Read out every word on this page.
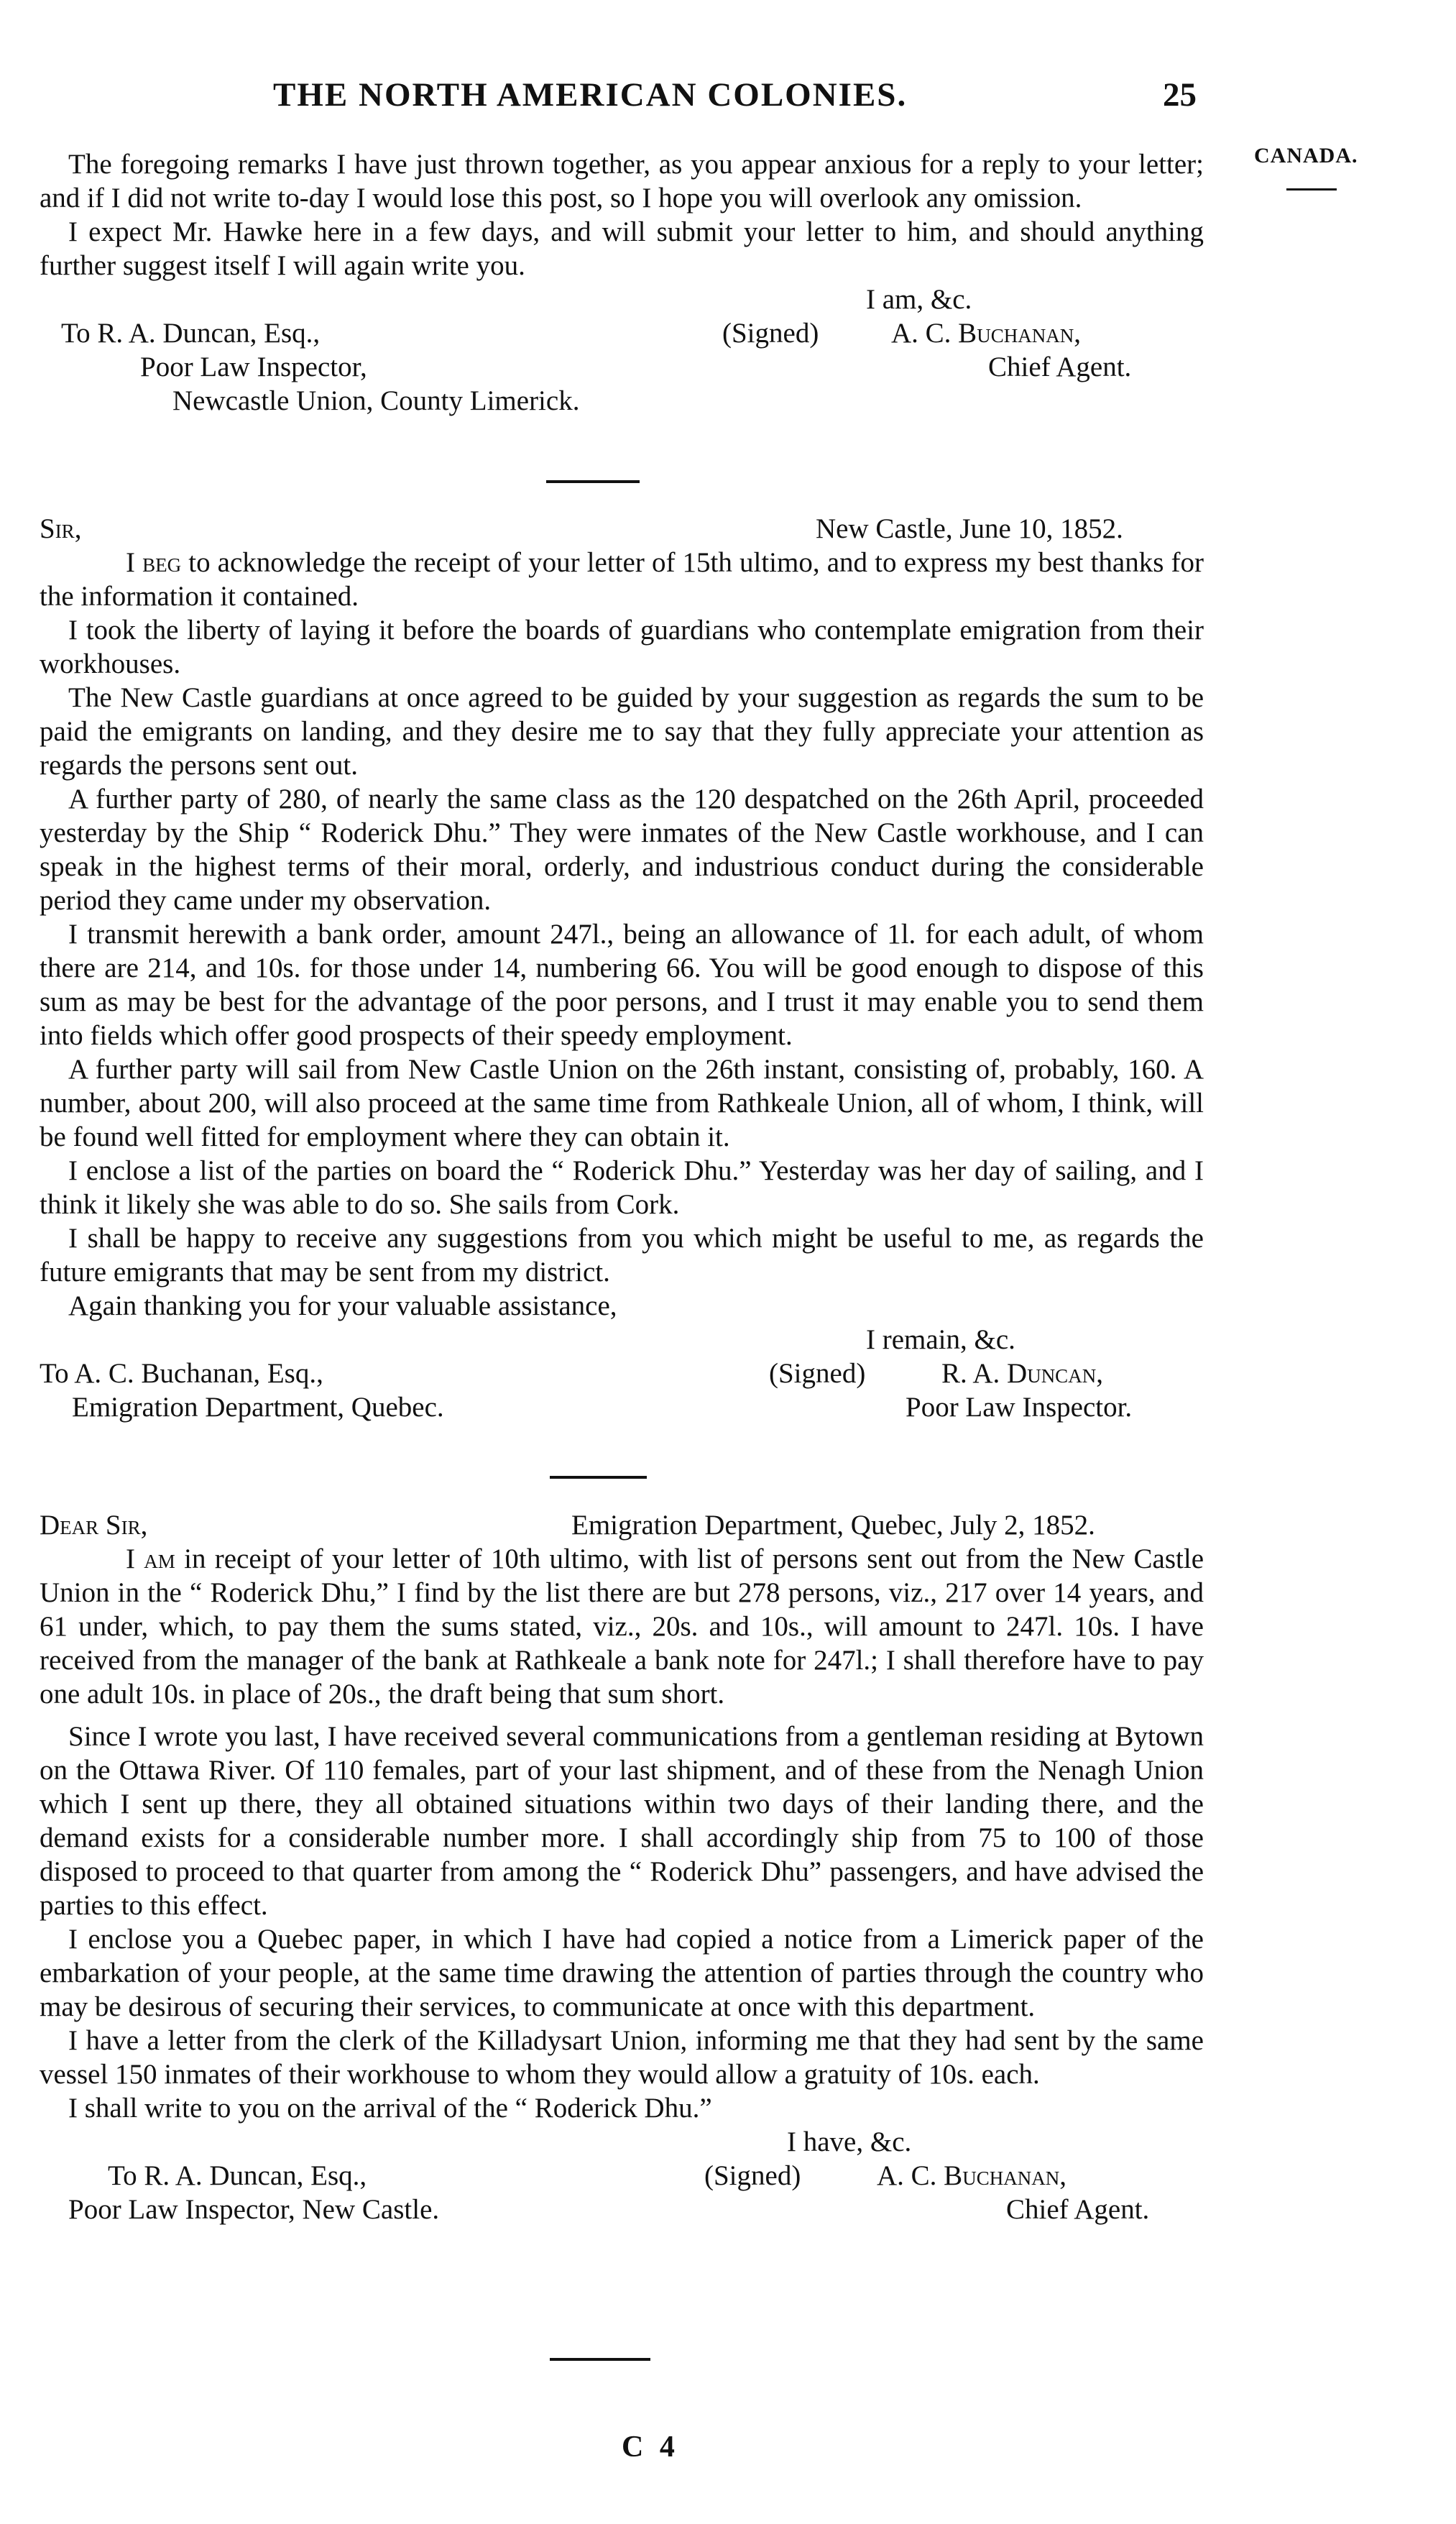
THE NORTH AMERICAN COLONIES.	25
CANADA.

The foregoing remarks I have just thrown together, as you appear anxious for a reply to your letter; and if I did not write to-day I would lose this post, so I hope you will overlook any omission.

I expect Mr. Hawke here in a few days, and will submit your letter to him, and should anything further suggest itself I will again write you.

I am, &c.
To R. A. Duncan, Esq.,	(Signed)	A. C. Buchanan,
Poor Law Inspector,	Chief Agent.
Newcastle Union, County Limerick.
Sir,	New Castle, June 10, 1852.

I beg to acknowledge the receipt of your letter of 15th ultimo, and to express my best thanks for the information it contained.

I took the liberty of laying it before the boards of guardians who contemplate emigration from their workhouses.

The New Castle guardians at once agreed to be guided by your suggestion as regards the sum to be paid the emigrants on landing, and they desire me to say that they fully appreciate your attention as regards the persons sent out.

A further party of 280, of nearly the same class as the 120 despatched on the 26th April, proceeded yesterday by the Ship “ Roderick Dhu.” They were inmates of the New Castle workhouse, and I can speak in the highest terms of their moral, orderly, and industrious conduct during the considerable period they came under my observation.

I transmit herewith a bank order, amount 247l., being an allowance of 1l. for each adult, of whom there are 214, and 10s. for those under 14, numbering 66. You will be good enough to dispose of this sum as may be best for the advantage of the poor persons, and I trust it may enable you to send them into fields which offer good prospects of their speedy employment.

A further party will sail from New Castle Union on the 26th instant, consisting of, probably, 160. A number, about 200, will also proceed at the same time from Rathkeale Union, all of whom, I think, will be found well fitted for employment where they can obtain it.

I enclose a list of the parties on board the “ Roderick Dhu.” Yesterday was her day of sailing, and I think it likely she was able to do so. She sails from Cork.

I shall be happy to receive any suggestions from you which might be useful to me, as regards the future emigrants that may be sent from my district.

Again thanking you for your valuable assistance,

I remain, &c.
To A. C. Buchanan, Esq.,	(Signed)	R. A. Duncan,
Emigration Department, Quebec.	Poor Law Inspector.
Dear Sir,	Emigration Department, Quebec, July 2, 1852.

I am in receipt of your letter of 10th ultimo, with list of persons sent out from the New Castle Union in the “ Roderick Dhu,” I find by the list there are but 278 persons, viz., 217 over 14 years, and 61 under, which, to pay them the sums stated, viz., 20s. and 10s., will amount to 247l. 10s. I have received from the manager of the bank at Rathkeale a bank note for 247l.; I shall therefore have to pay one adult 10s. in place of 20s., the draft being that sum short.

Since I wrote you last, I have received several communications from a gentleman residing at Bytown on the Ottawa River. Of 110 females, part of your last shipment, and of these from the Nenagh Union which I sent up there, they all obtained situations within two days of their landing there, and the demand exists for a considerable number more. I shall accordingly ship from 75 to 100 of those disposed to proceed to that quarter from among the “ Roderick Dhu” passengers, and have advised the parties to this effect.

I enclose you a Quebec paper, in which I have had copied a notice from a Limerick paper of the embarkation of your people, at the same time drawing the attention of parties through the country who may be desirous of securing their services, to communicate at once with this department.

I have a letter from the clerk of the Killadysart Union, informing me that they had sent by the same vessel 150 inmates of their workhouse to whom they would allow a gratuity of 10s. each.

I shall write to you on the arrival of the “ Roderick Dhu.”

I have, &c.
To R. A. Duncan, Esq.,	(Signed)	A. C. Buchanan,
Poor Law Inspector, New Castle.	Chief Agent.
C 4
